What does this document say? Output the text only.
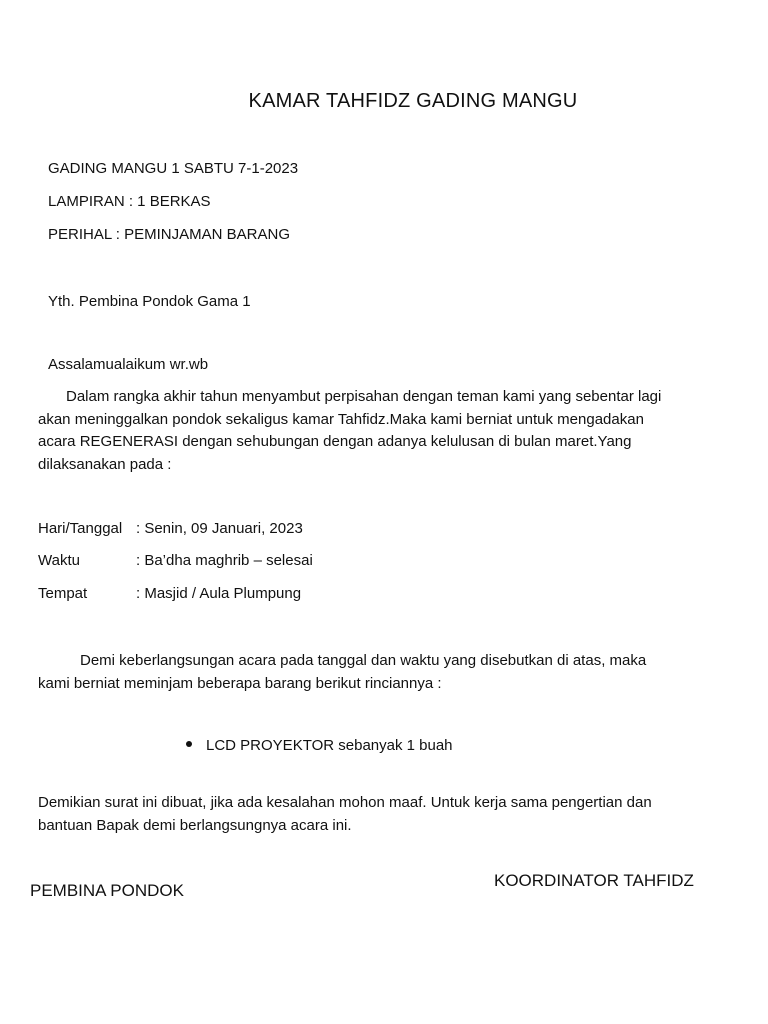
KAMAR TAHFIDZ GADING MANGU
GADING MANGU 1 SABTU 7-1-2023
LAMPIRAN : 1 BERKAS
PERIHAL : PEMINJAMAN BARANG
Yth. Pembina Pondok Gama 1
Assalamualaikum wr.wb
Dalam rangka akhir tahun menyambut perpisahan dengan teman kami yang sebentar lagi
akan meninggalkan pondok sekaligus kamar Tahfidz.Maka kami berniat untuk mengadakan
acara REGENERASI dengan sehubungan dengan adanya kelulusan di bulan maret.Yang
dilaksanakan pada :
Hari/Tanggal : Senin, 09 Januari, 2023
Waktu	: Ba’dha maghrib – selesai
Tempat	: Masjid / Aula Plumpung
Demi keberlangsungan acara pada tanggal dan waktu yang disebutkan di atas, maka
kami berniat meminjam beberapa barang berikut rinciannya :
LCD PROYEKTOR sebanyak 1 buah
Demikian surat ini dibuat, jika ada kesalahan mohon maaf. Untuk kerja sama pengertian dan
bantuan Bapak demi berlangsungnya acara ini.
PEMBINA PONDOK
KOORDINATOR TAHFIDZ
